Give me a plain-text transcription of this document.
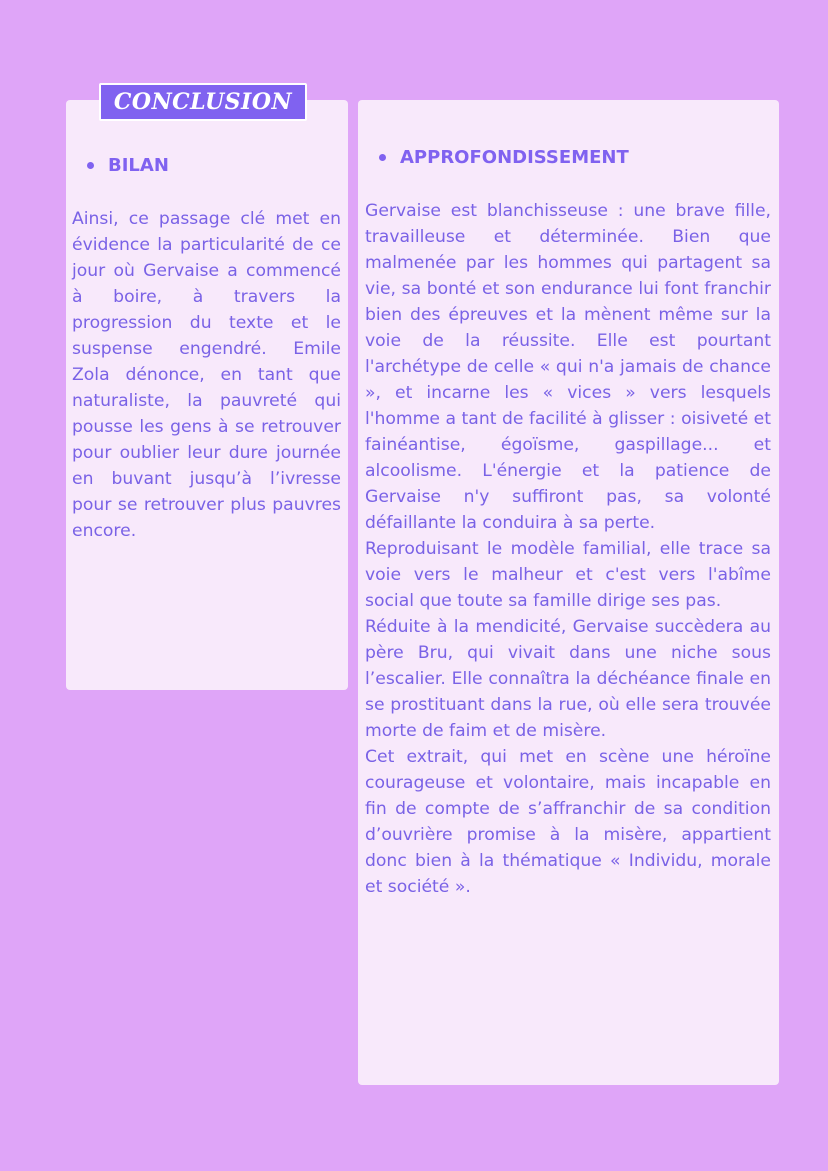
CONCLUSION
BILAN
Ainsi, ce passage clé met en évidence la particularité de ce jour où Gervaise a commencé à boire, à travers la progression du texte et le suspense engendré. Emile Zola dénonce, en tant que naturaliste, la pauvreté qui pousse les gens à se retrouver pour oublier leur dure journée en buvant jusqu’à l’ivresse pour se retrouver plus pauvres encore.
APPROFONDISSEMENT

Gervaise est blanchisseuse : une brave fille, travailleuse et déterminée. Bien que malmenée par les hommes qui partagent sa vie, sa bonté et son endurance lui font franchir bien des épreuves et la mènent même sur la voie de la réussite. Elle est pourtant l'archétype de celle « qui n'a jamais de chance », et incarne les « vices » vers lesquels l'homme a tant de facilité à glisser : oisiveté et fainéantise, égoïsme, gaspillage... et alcoolisme. L'énergie et la patience de Gervaise n'y suffiront pas, sa volonté défaillante la conduira à sa perte.

Reproduisant le modèle familial, elle trace sa voie vers le malheur et c'est vers l'abîme social que toute sa famille dirige ses pas.

Réduite à la mendicité, Gervaise succèdera au père Bru, qui vivait dans une niche sous l’escalier. Elle connaîtra la déchéance finale en se prostituant dans la rue, où elle sera trouvée morte de faim et de misère.

Cet extrait, qui met en scène une héroïne courageuse et volontaire, mais incapable en fin de compte de s’affranchir de sa condition d’ouvrière promise à la misère, appartient donc bien à la thématique « Individu, morale et société ».
